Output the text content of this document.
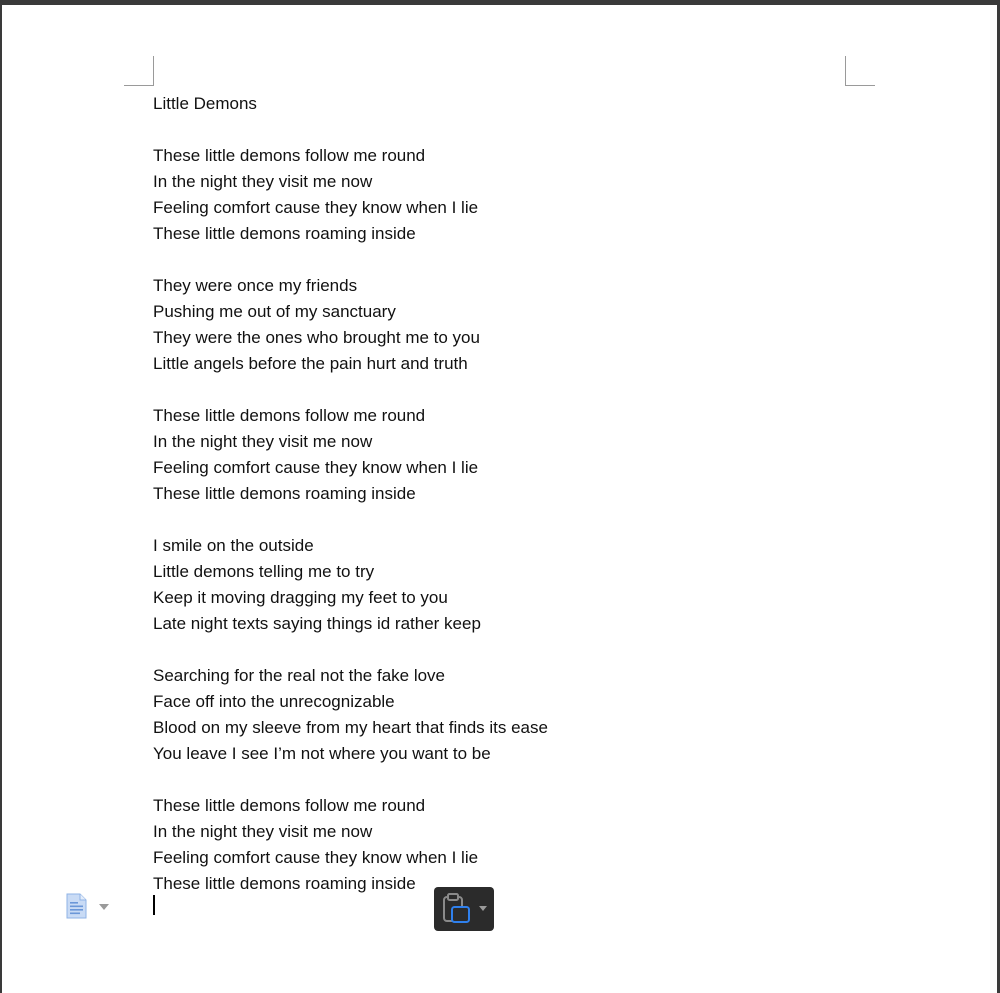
Little Demons
These little demons follow me round
In the night they visit me now
Feeling comfort cause they know when I lie
These little demons roaming inside
They were once my friends
Pushing me out of my sanctuary
They were the ones who brought me to you
Little angels before the pain hurt and truth
These little demons follow me round
In the night they visit me now
Feeling comfort cause they know when I lie
These little demons roaming inside
I smile on the outside
Little demons telling me to try
Keep it moving dragging my feet to you
Late night texts saying things id rather keep
Searching for the real not the fake love
Face off into the unrecognizable
Blood on my sleeve from my heart that finds its ease
You leave I see I’m not where you want to be
These little demons follow me round
In the night they visit me now
Feeling comfort cause they know when I lie
These little demons roaming inside
